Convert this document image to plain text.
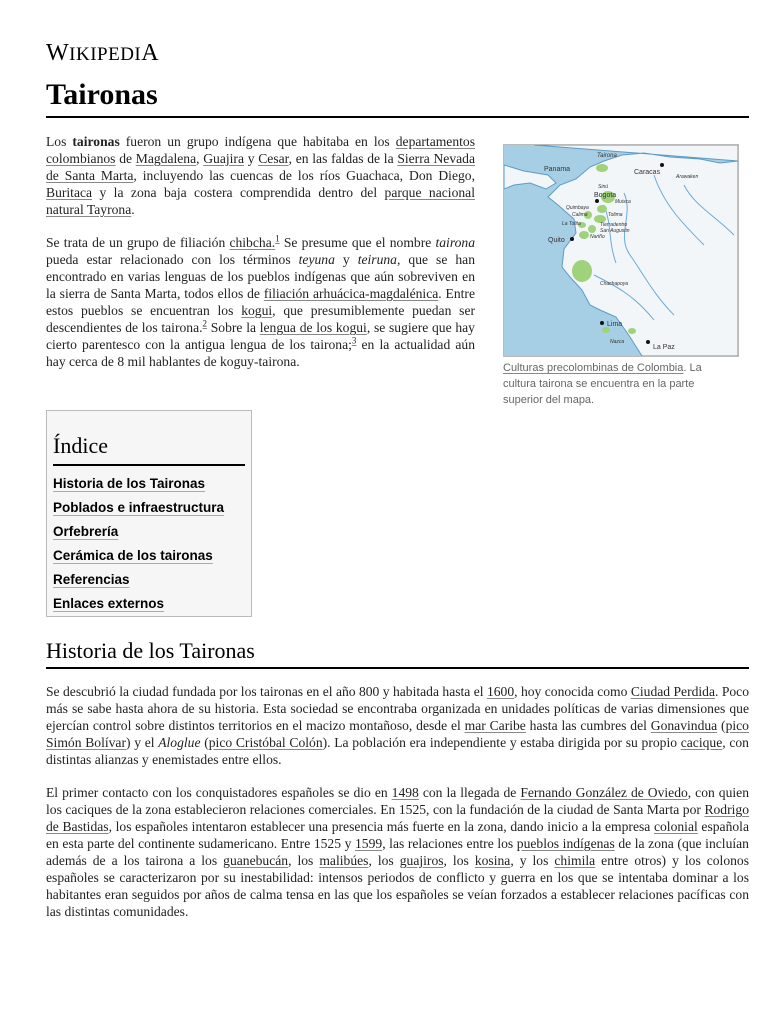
WIKIPEDIA
Taironas

Los taironas fueron un grupo indígena que habitaba en los departamentos colombianos de Magdalena, Guajira y Cesar, en las faldas de la Sierra Nevada de Santa Marta, incluyendo las cuencas de los ríos Guachaca, Don Diego, Buritaca y la zona baja costera comprendida dentro del parque nacional natural Tayrona.

Se trata de un grupo de filiación chibcha.$^1$ Se presume que el nombre tairona pueda estar relacionado con los términos teyuna y teiruna, que se han encontrado en varias lenguas de los pueblos indígenas que aún sobreviven en la sierra de Santa Marta, todos ellos de filiación arhuácica-magdalénica. Entre estos pueblos se encuentran los kogui, que presumiblemente puedan ser descendientes de los tairona.$^2$ Sobre la lengua de los kogui, se sugiere que hay cierto parentesco con la antigua lengua de los tairona;$^3$ en la actualidad aún hay cerca de 8 mil hablantes de koguy-tairona.

Tairona
Panama	Caracas
Arawaken
Sinú
Bogota
Muisca
Quimbaya
Calima	Tolima
La Tolita	Tierradentro
San Augustin
Nariño
Quito
Chachapoya
Lima
Nazca
La Paz
Culturas precolombinas de Colombia. La cultura tairona se encuentra en la parte superior del mapa.
Índice
Historia de los Taironas
Poblados e infraestructura
Orfebrería
Cerámica de los taironas
Referencias
Enlaces externos
Historia de los Taironas

Se descubrió la ciudad fundada por los taironas en el año 800 y habitada hasta el 1600, hoy conocida como Ciudad Perdida. Poco más se sabe hasta ahora de su historia. Esta sociedad se encontraba organizada en unidades políticas de varias dimensiones que ejercían control sobre distintos territorios en el macizo montañoso, desde el mar Caribe hasta las cumbres del Gonavindua (pico Simón Bolívar) y el Aloglue (pico Cristóbal Colón). La población era independiente y estaba dirigida por su propio cacique, con distintas alianzas y enemistades entre ellos.

El primer contacto con los conquistadores españoles se dio en 1498 con la llegada de Fernando González de Oviedo, con quien los caciques de la zona establecieron relaciones comerciales. En 1525, con la fundación de la ciudad de Santa Marta por Rodrigo de Bastidas, los españoles intentaron establecer una presencia más fuerte en la zona, dando inicio a la empresa colonial española en esta parte del continente sudamericano. Entre 1525 y 1599, las relaciones entre los pueblos indígenas de la zona (que incluían además de a los tairona a los guanebucán, los malibúes, los guajiros, los kosina, y los chimila entre otros) y los colonos españoles se caracterizaron por su inestabilidad: intensos periodos de conflicto y guerra en los que se intentaba dominar a los habitantes eran seguidos por años de calma tensa en las que los españoles se veían forzados a establecer relaciones pacíficas con las distintas comunidades.
